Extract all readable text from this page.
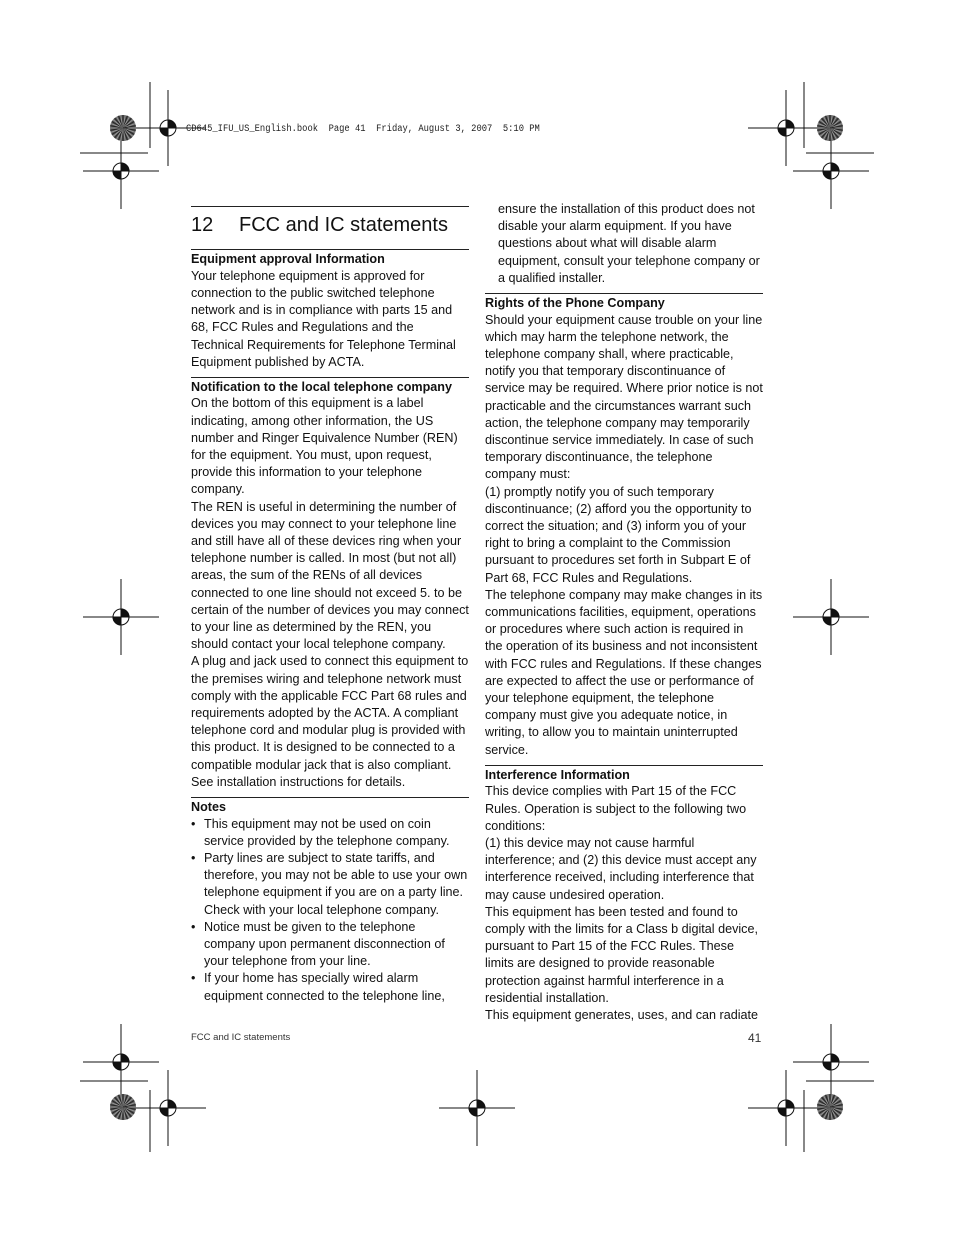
CD645_IFU_US_English.book  Page 41  Friday, August 3, 2007  5:10 PM
12	FCC and IC statements
Equipment approval Information

Your telephone equipment is approved for connection to the public switched telephone network and is in compliance with parts 15 and 68, FCC Rules and Regulations and the Technical Requirements for Telephone Terminal Equipment published by ACTA.

Notification to the local telephone company

On the bottom of this equipment is a label indicating, among other information, the US number and Ringer Equivalence Number (REN) for the equipment. You must, upon request, provide this information to your telephone company.

The REN is useful in determining the number of devices you may connect to your telephone line and still have all of these devices ring when your telephone number is called. In most (but not all) areas, the sum of the RENs of all devices connected to one line should not exceed 5. to be certain of the number of devices you may connect to your line as determined by the REN, you should contact your local telephone company.

A plug and jack used to connect this equipment to the premises wiring and telephone network must comply with the applicable FCC Part 68 rules and requirements adopted by the ACTA. A compliant telephone cord and modular plug is provided with this product. It is designed to be connected to a compatible modular jack that is also compliant. See installation instructions for details.

Notes
• This equipment may not be used on coin service provided by the telephone company.
• Party lines are subject to state tariffs, and therefore, you may not be able to use your own telephone equipment if you are on a party line. Check with your local telephone company.
• Notice must be given to the telephone company upon permanent disconnection of your telephone from your line.
• If your home has specially wired alarm equipment connected to the telephone line,
ensure the installation of this product does not disable your alarm equipment. If you have questions about what will disable alarm equipment, consult your telephone company or a qualified installer.
Rights of the Phone Company

Should your equipment cause trouble on your line which may harm the telephone network, the telephone company shall, where practicable, notify you that temporary discontinuance of service may be required. Where prior notice is not practicable and the circumstances warrant such action, the telephone company may temporarily discontinue service immediately. In case of such temporary discontinuance, the telephone company must:

(1) promptly notify you of such temporary discontinuance; (2) afford you the opportunity to correct the situation; and (3) inform you of your right to bring a complaint to the Commission pursuant to procedures set forth in Subpart E of Part 68, FCC Rules and Regulations.

The telephone company may make changes in its communications facilities, equipment, operations or procedures where such action is required in the operation of its business and not inconsistent with FCC rules and Regulations. If these changes are expected to affect the use or performance of your telephone equipment, the telephone company must give you adequate notice, in writing, to allow you to maintain uninterrupted service.

Interference Information

This device complies with Part 15 of the FCC Rules. Operation is subject to the following two conditions:

(1) this device may not cause harmful interference; and (2) this device must accept any interference received, including interference that may cause undesired operation.

This equipment has been tested and found to comply with the limits for a Class b digital device, pursuant to Part 15 of the FCC Rules. These limits are designed to provide reasonable protection against harmful interference in a residential installation.

This equipment generates, uses, and can radiate

FCC and IC statements	41
